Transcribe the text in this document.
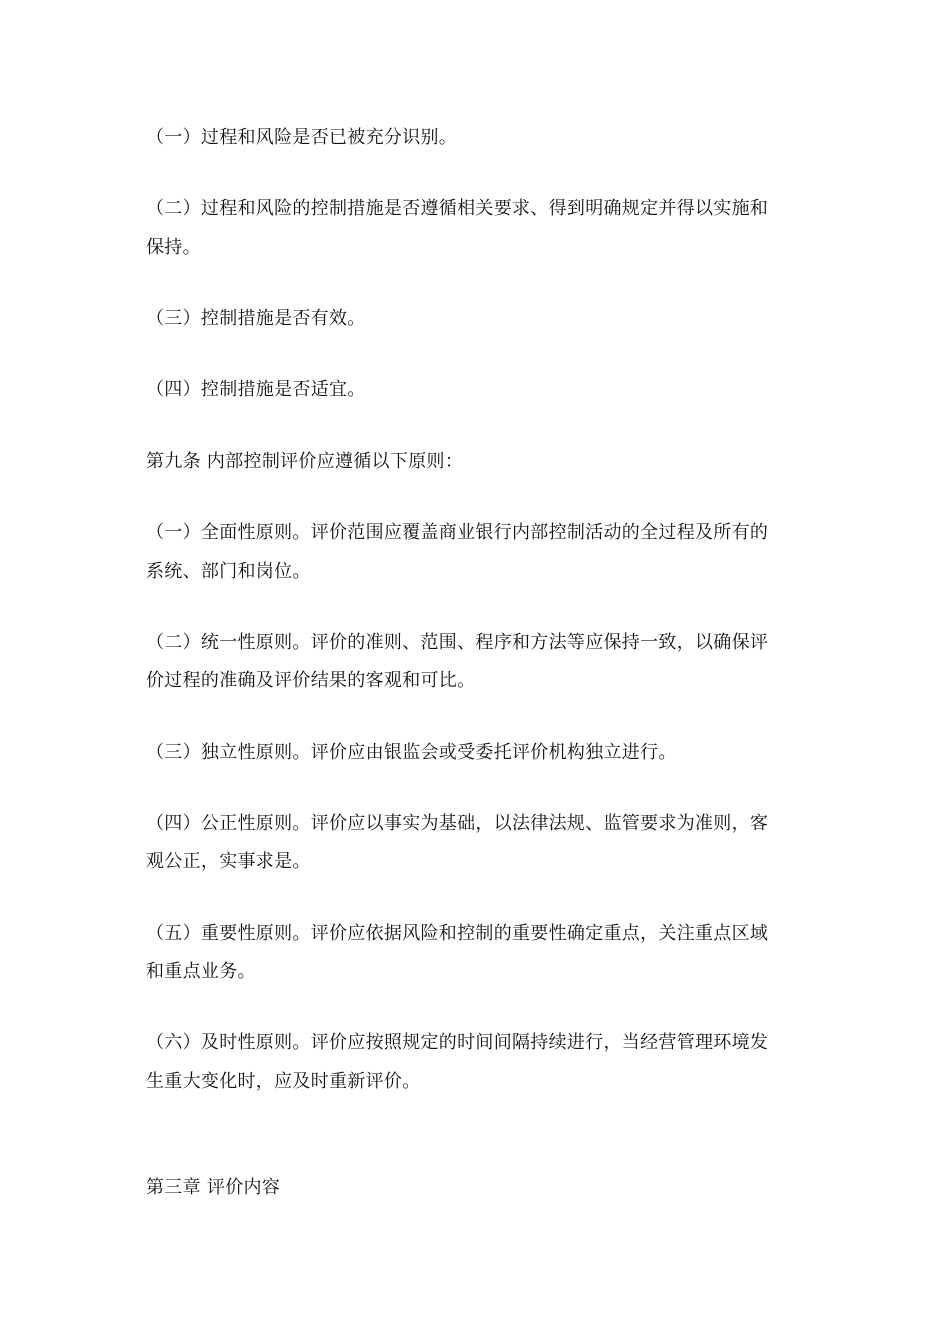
（一）过程和风险是否已被充分识别。
（二）过程和风险的控制措施是否遵循相关要求、得到明确规定并得以实施和
保持。
（三）控制措施是否有效。
（四）控制措施是否适宜。
第九条 内部控制评价应遵循以下原则：
（一）全面性原则。评价范围应覆盖商业银行内部控制活动的全过程及所有的
系统、部门和岗位。
（二）统一性原则。评价的准则、范围、程序和方法等应保持一致，以确保评
价过程的准确及评价结果的客观和可比。
（三）独立性原则。评价应由银监会或受委托评价机构独立进行。
（四）公正性原则。评价应以事实为基础，以法律法规、监管要求为准则，客
观公正，实事求是。
（五）重要性原则。评价应依据风险和控制的重要性确定重点，关注重点区域
和重点业务。
（六）及时性原则。评价应按照规定的时间间隔持续进行，当经营管理环境发
生重大变化时，应及时重新评价。
第三章 评价内容
